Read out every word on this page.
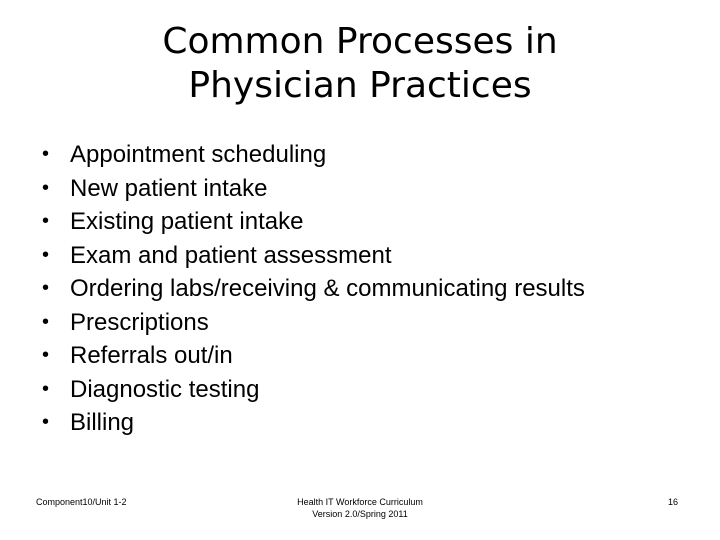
Common Processes in
Physician Practices
• Appointment scheduling
• New patient intake
• Existing patient intake
• Exam and patient assessment
• Ordering labs/receiving & communicating results
• Prescriptions
• Referrals out/in
• Diagnostic testing
• Billing
Component10/Unit 1-2	Health IT Workforce Curriculum
Version 2.0/Spring 2011
16
